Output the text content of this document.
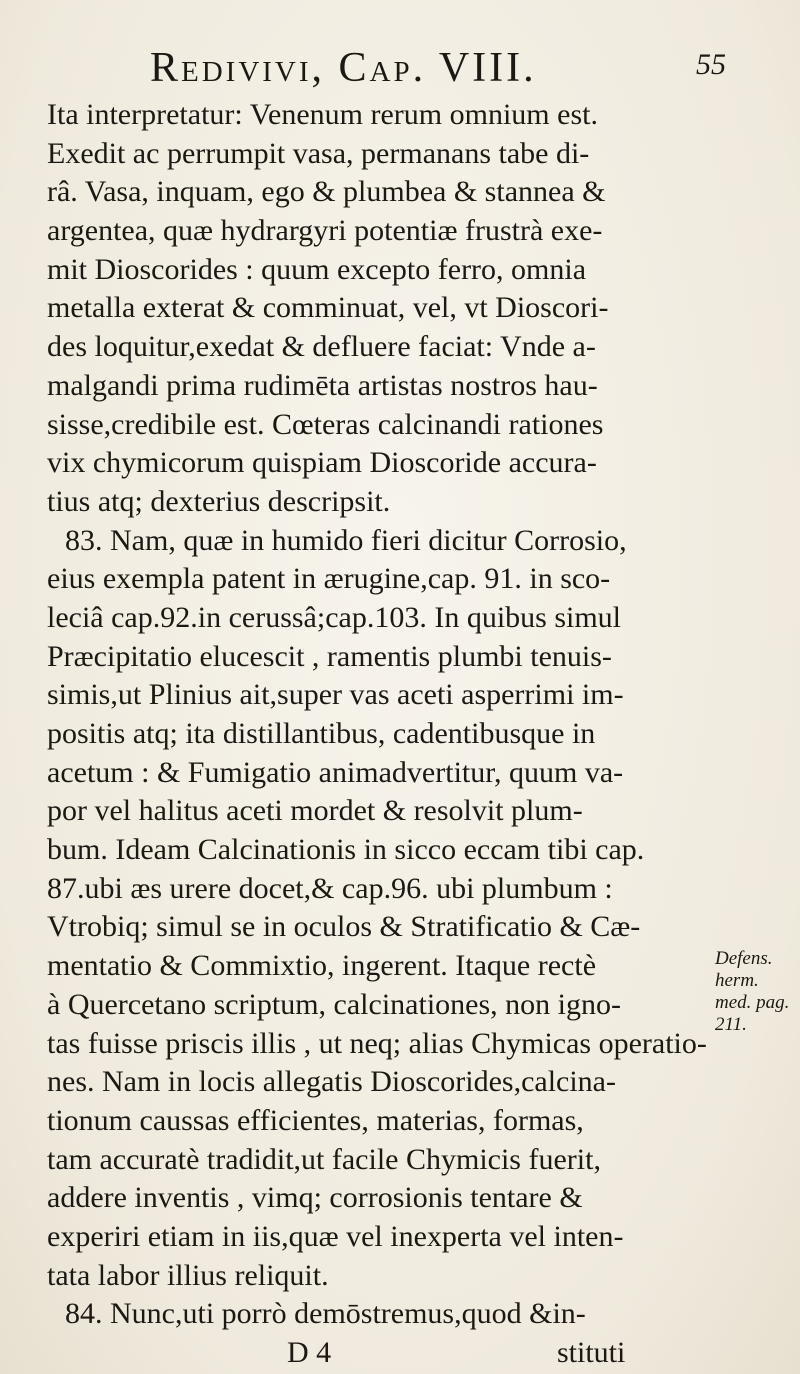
Redivivi, Cap. VIII.	55
Ita interpretatur: Venenum rerum omnium est.
Exedit ac perrumpit vasa, permanans tabe di-
râ. Vasa, inquam, ego & plumbea & stannea &
argentea, quæ hydrargyri potentiæ frustrà exe-
mit Dioscorides : quum excepto ferro, omnia
metalla exterat & comminuat, vel, vt Dioscori-
des loquitur,exedat & defluere faciat: Vnde a-
malgandi prima rudimēta artistas nostros hau-
sisse,credibile est. Cœteras calcinandi rationes
vix chymicorum quispiam Dioscoride accura-
tius atq; dexterius descripsit.
83. Nam, quæ in humido fieri dicitur Corrosio,
eius exempla patent in ærugine,cap. 91. in sco-
leciâ cap.92.in cerussâ;cap.103. In quibus simul
Præcipitatio elucescit , ramentis plumbi tenuis-
simis,ut Plinius ait,super vas aceti asperrimi im-
positis atq; ita distillantibus, cadentibusque in
acetum : & Fumigatio animadvertitur, quum va-
por vel halitus aceti mordet & resolvit plum-
bum. Ideam Calcinationis in sicco eccam tibi cap.
87.ubi æs urere docet,& cap.96. ubi plumbum :
Vtrobiq; simul se in oculos & Stratificatio & Cæ-
mentatio & Commixtio, ingerent. Itaque rectè
à Quercetano scriptum, calcinationes, non igno-
tas fuisse priscis illis , ut neq; alias Chymicas operatio-
nes. Nam in locis allegatis Dioscorides,calcina-
tionum caussas efficientes, materias, formas,
tam accuratè tradidit,ut facile Chymicis fuerit,
addere inventis , vimq; corrosionis tentare &
experiri etiam in iis,quæ vel inexperta vel inten-
tata labor illius reliquit.
84. Nunc,uti porrò demōstremus,quod &in-
D 4	stituti
Defens.
herm.
med. pag.
211.
